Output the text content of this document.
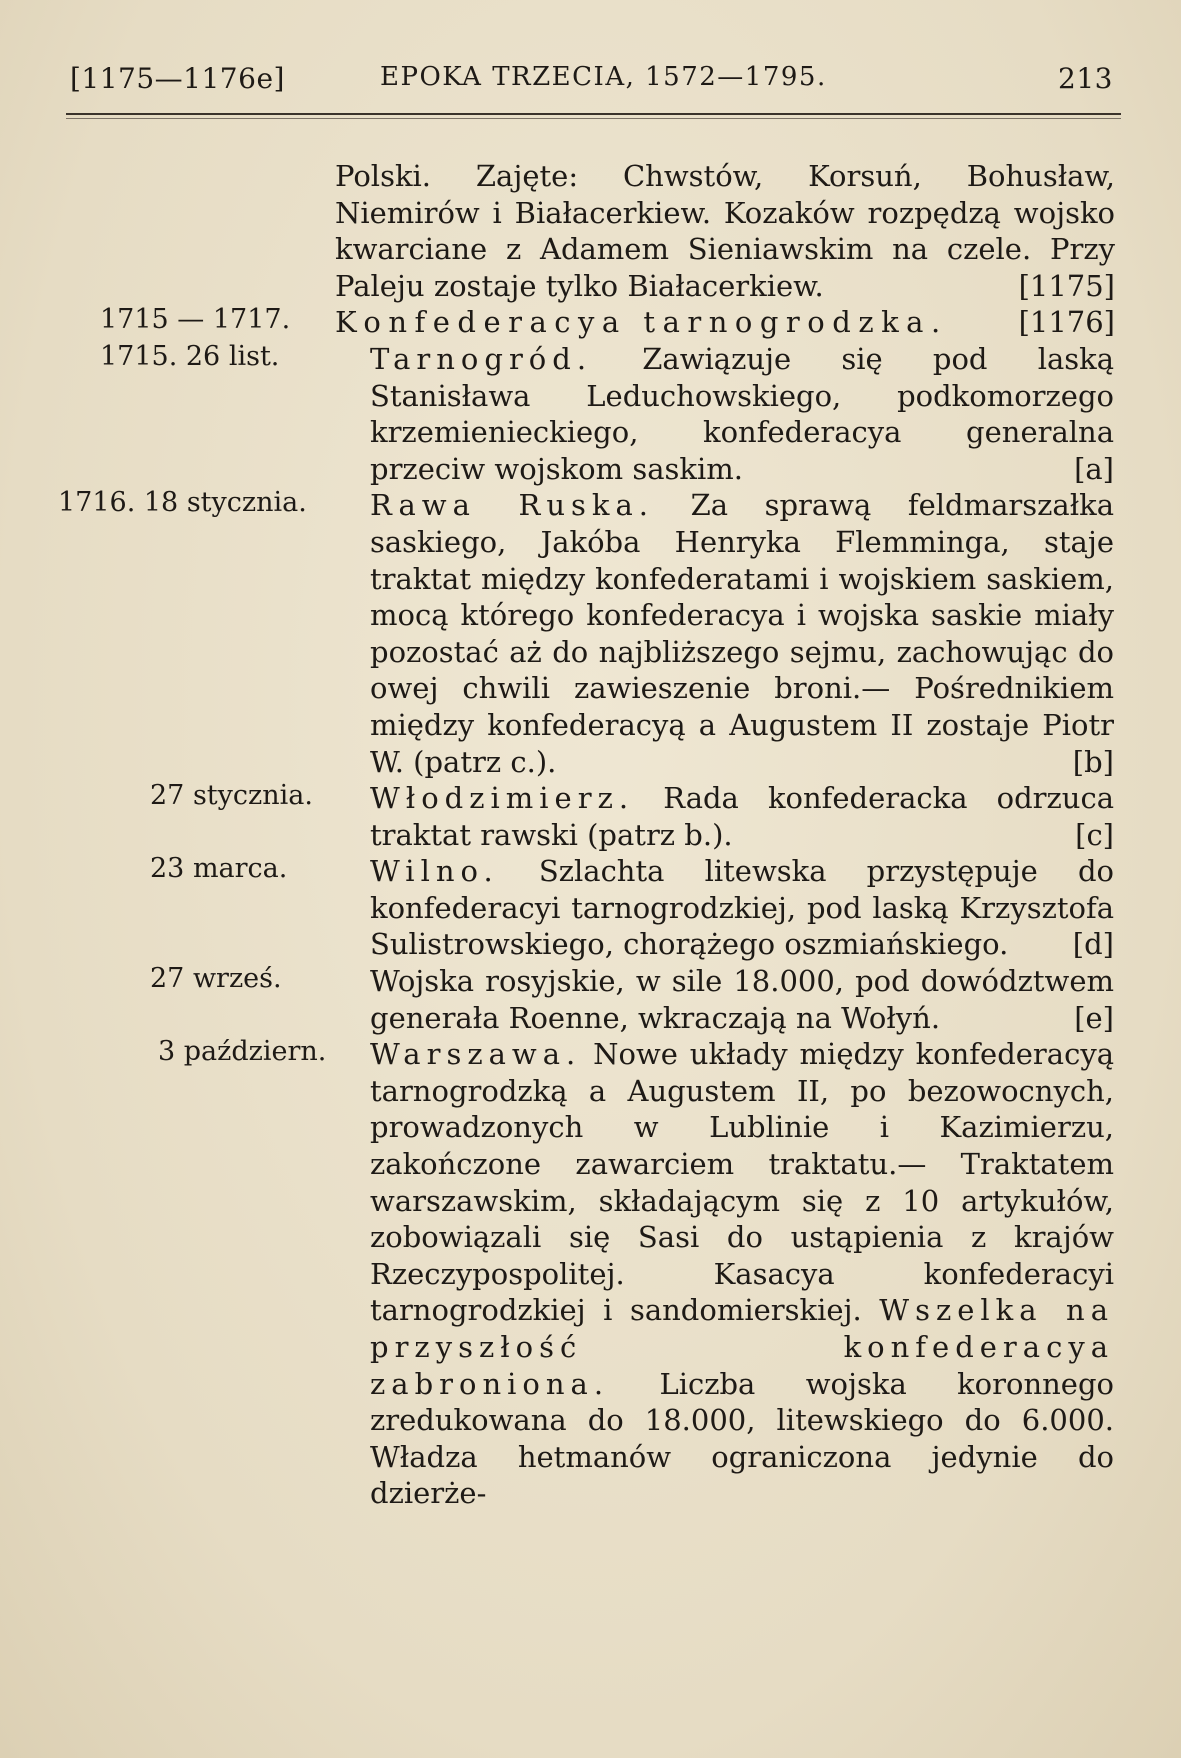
[1175—1176e]	EPOKA TRZECIA, 1572—1795.	213
Polski. Zajęte: Chwstów, Korsuń, Bohusław, Niemirów i Białacerkiew. Kozaków rozpędzą wojsko kwarciane z Adamem Sieniawskim na czele. Przy Paleju zostaje tylko Białacerkiew.	[1175]
1715 — 1717. Konfederacya tarnogrodzka. [1176]
1715. 26 list.	Tarnogród. Zawiązuje się pod laską Stanisława Leduchowskiego, podkomorzego krzemienieckiego, konfederacya generalna przeciw wojskom saskim.	[a]
1716. 18 stycznia. Rawa Ruska. Za sprawą feldmarszałka saskiego, Jakóba Henryka Flemminga, staje traktat między konfederatami i wojskiem saskiem, mocą którego konfederacya i wojska saskie miały pozostać aż do najbliższego sejmu, zachowując do owej chwili zawieszenie broni.— Pośrednikiem między konfederacyą a Augustem II zostaje Piotr W. (patrz c.).	[b]
27 stycznia. Włodzimierz. Rada konfederacka odrzuca traktat rawski (patrz b.).	[c]
23 marca.	Wilno. Szlachta litewska przystępuje do konfederacyi tarnogrodzkiej, pod laską Krzysztofa Sulistrowskiego, chorążego oszmiańskiego. [d]
27 wrześ.	Wojska rosyjskie, w sile 18.000, pod dowództwem generała Roenne, wkraczają na Wołyń.	[e]
3 październ. Warszawa. Nowe układy między konfederacyą tarnogrodzką a Augustem II, po bezowocnych, prowadzonych w Lublinie i Kazimierzu, zakończone zawarciem traktatu.— Traktatem warszawskim, składającym się z 10 artykułów, zobowiązali się Sasi do ustąpienia z krajów Rzeczypospolitej. Kasacya konfederacyi tarnogrodzkiej i sandomierskiej. Wszelka na przyszłość konfederacya zabroniona. Liczba wojska koronnego zredukowana do 18.000, litewskiego do 6.000. Władza hetmanów ograniczona jedynie do dzierże-
